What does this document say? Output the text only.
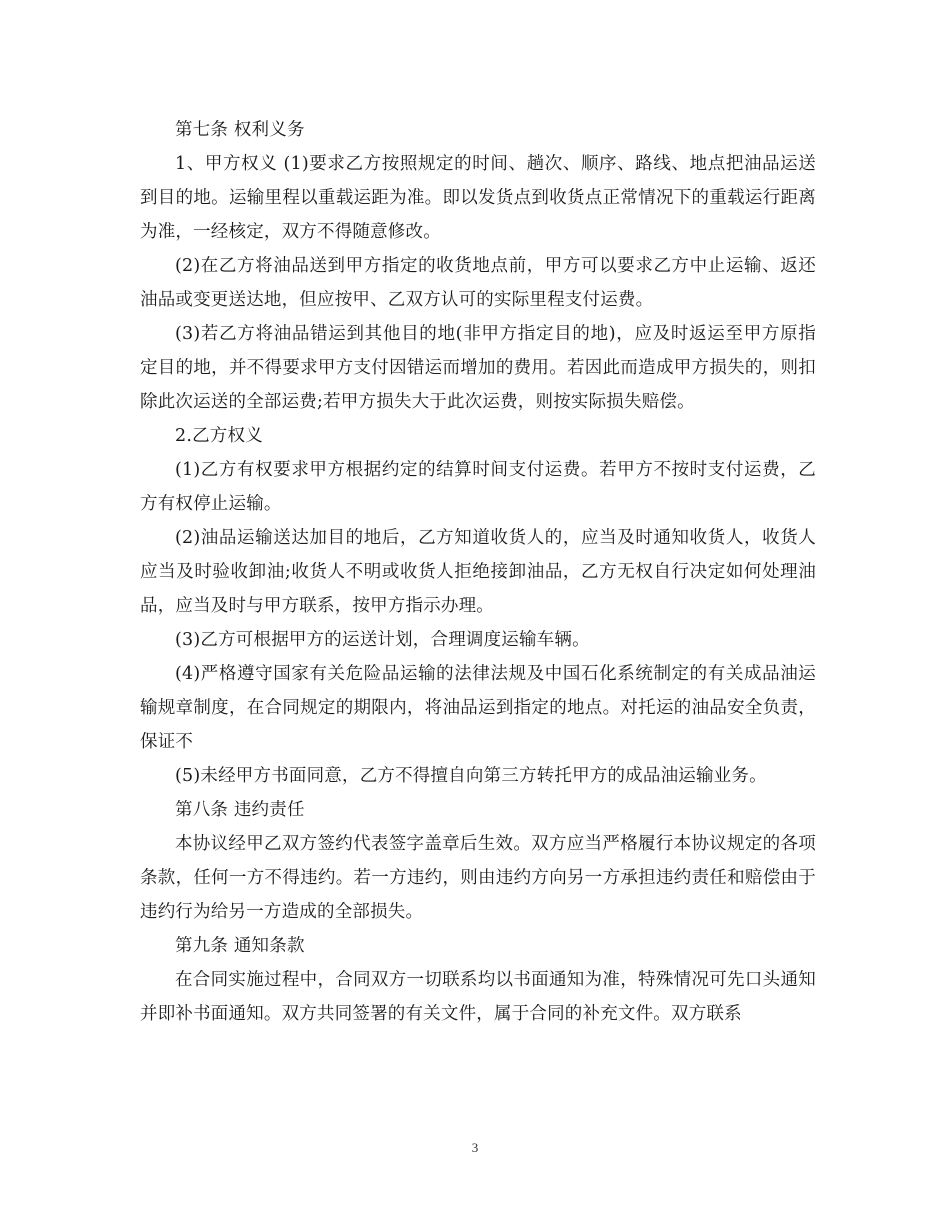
第七条 权利义务

1、甲方权义 (1)要求乙方按照规定的时间、趟次、顺序、路线、地点把油品运送到目的地。运输里程以重载运距为准。即以发货点到收货点正常情况下的重载运行距离为准，一经核定，双方不得随意修改。

(2)在乙方将油品送到甲方指定的收货地点前，甲方可以要求乙方中止运输、返还油品或变更送达地，但应按甲、乙双方认可的实际里程支付运费。

(3)若乙方将油品错运到其他目的地(非甲方指定目的地)，应及时返运至甲方原指定目的地，并不得要求甲方支付因错运而增加的费用。若因此而造成甲方损失的，则扣除此次运送的全部运费;若甲方损失大于此次运费，则按实际损失赔偿。

2.乙方权义

(1)乙方有权要求甲方根据约定的结算时间支付运费。若甲方不按时支付运费，乙方有权停止运输。

(2)油品运输送达加目的地后，乙方知道收货人的，应当及时通知收货人，收货人应当及时验收卸油;收货人不明或收货人拒绝接卸油品，乙方无权自行决定如何处理油品，应当及时与甲方联系，按甲方指示办理。

(3)乙方可根据甲方的运送计划，合理调度运输车辆。

(4)严格遵守国家有关危险品运输的法律法规及中国石化系统制定的有关成品油运输规章制度，在合同规定的期限内，将油品运到指定的地点。对托运的油品安全负责，保证不

(5)未经甲方书面同意，乙方不得擅自向第三方转托甲方的成品油运输业务。

第八条 违约责任

本协议经甲乙双方签约代表签字盖章后生效。双方应当严格履行本协议规定的各项条款，任何一方不得违约。若一方违约，则由违约方向另一方承担违约责任和赔偿由于违约行为给另一方造成的全部损失。

第九条 通知条款

在合同实施过程中，合同双方一切联系均以书面通知为准，特殊情况可先口头通知并即补书面通知。双方共同签署的有关文件，属于合同的补充文件。双方联系

3
